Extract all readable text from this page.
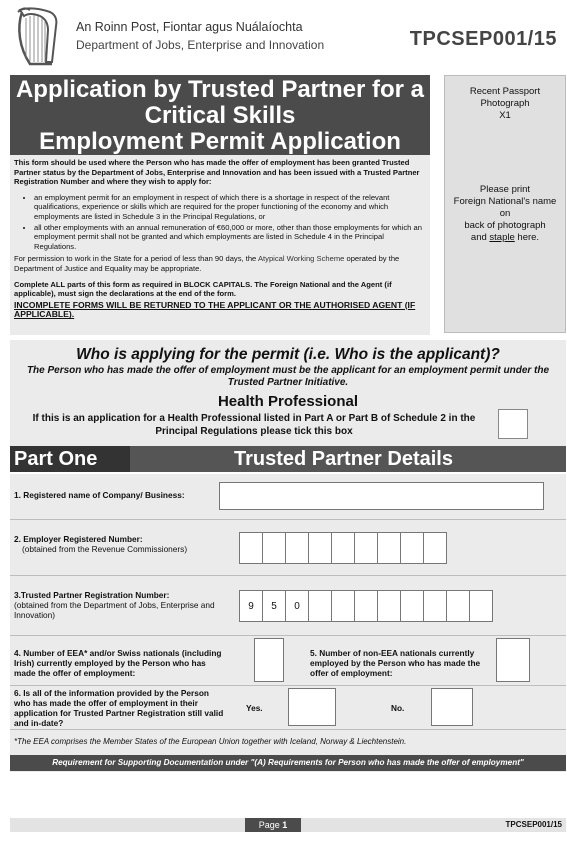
An Roinn Post, Fiontar agus Nuálaíochta
Department of Jobs, Enterprise and Innovation	TPCSEP001/15
Application by Trusted Partner for a
Critical Skills
Employment Permit Application

This form should be used where the Person who has made the offer of employment has been granted Trusted Partner status by the Department of Jobs, Enterprise and Innovation and has been issued with a Trusted Partner Registration Number and where they wish to apply for:

• an employment permit for an employment in respect of which there is a shortage in respect of the relevant qualifications, experience or skills which are required for the proper functioning of the economy and which employments are listed in Schedule 3 in the Principal Regulations, or
• all other employments with an annual remuneration of €60,000 or more, other than those employments for which an employment permit shall not be granted and which employments are listed in Schedule 4 in the Principal Regulations.

For permission to work in the State for a period of less than 90 days, the Atypical Working Scheme operated by the Department of Justice and Equality may be appropriate.

Complete ALL parts of this form as required in BLOCK CAPITALS. The Foreign National and the Agent (if applicable), must sign the declarations at the end of the form.

INCOMPLETE FORMS WILL BE RETURNED TO THE APPLICANT OR THE AUTHORISED AGENT (IF APPLICABLE).

Recent Passport
Photograph
X1
Please print
Foreign National's name
on
back of photograph
and staple here.
Who is applying for the permit (i.e. Who is the applicant)?
The Person who has made the offer of employment must be the applicant for an employment permit under the Trusted Partner Initiative.
Health Professional
If this is an application for a Health Professional listed in Part A or Part B of Schedule 2 in the Principal Regulations please tick this box
Part One	Trusted Partner Details
1. Registered name of Company/ Business:
2. Employer Registered Number:
(obtained from the Revenue Commissioners)
3.Trusted Partner Registration Number:
(obtained from the Department of Jobs, Enterprise and Innovation)
9	5	0
4. Number of EEA* and/or Swiss nationals (including Irish) currently employed by the Person who has made the offer of employment:
5. Number of non-EEA nationals currently employed by the Person who has made the offer of employment:
6. Is all of the information provided by the Person who has made the offer of employment in their application for Trusted Partner Registration still valid and in-date?
Yes.	No.
*The EEA comprises the Member States of the European Union together with Iceland, Norway & Liechtenstein.
Requirement for Supporting Documentation under "(A) Requirements for Person who has made the offer of employment"
Page 1	TPCSEP001/15
